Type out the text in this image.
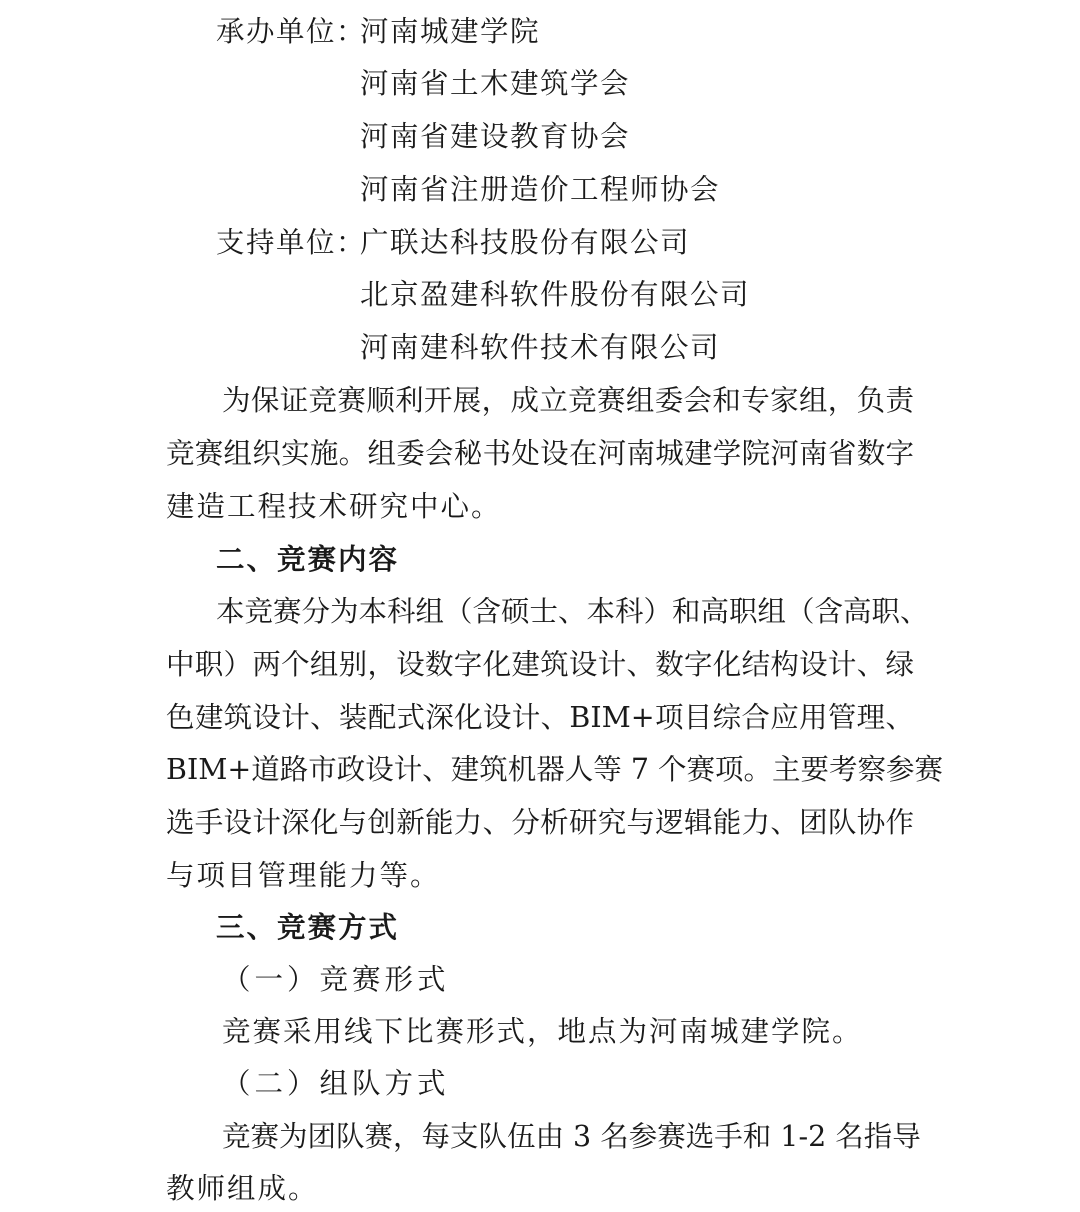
承办单位：
河南城建学院
河南省土木建筑学会
河南省建设教育协会
河南省注册造价工程师协会
支持单位：
广联达科技股份有限公司
北京盈建科软件股份有限公司
河南建科软件技术有限公司
为保证竞赛顺利开展，成立竞赛组委会和专家组，负责
竞赛组织实施。组委会秘书处设在河南城建学院河南省数字
建造工程技术研究中心。
二、竞赛内容
本竞赛分为本科组（含硕士、本科）和高职组（含高职、
中职）两个组别，设数字化建筑设计、数字化结构设计、绿
色建筑设计、装配式深化设计、BIM+项目综合应用管理、
BIM+道路市政设计、建筑机器人等 7 个赛项。主要考察参赛
选手设计深化与创新能力、分析研究与逻辑能力、团队协作
与项目管理能力等。
三、竞赛方式
（一）竞赛形式
竞赛采用线下比赛形式，地点为河南城建学院。
（二）组队方式
竞赛为团队赛，每支队伍由 3 名参赛选手和 1-2 名指导
教师组成。
